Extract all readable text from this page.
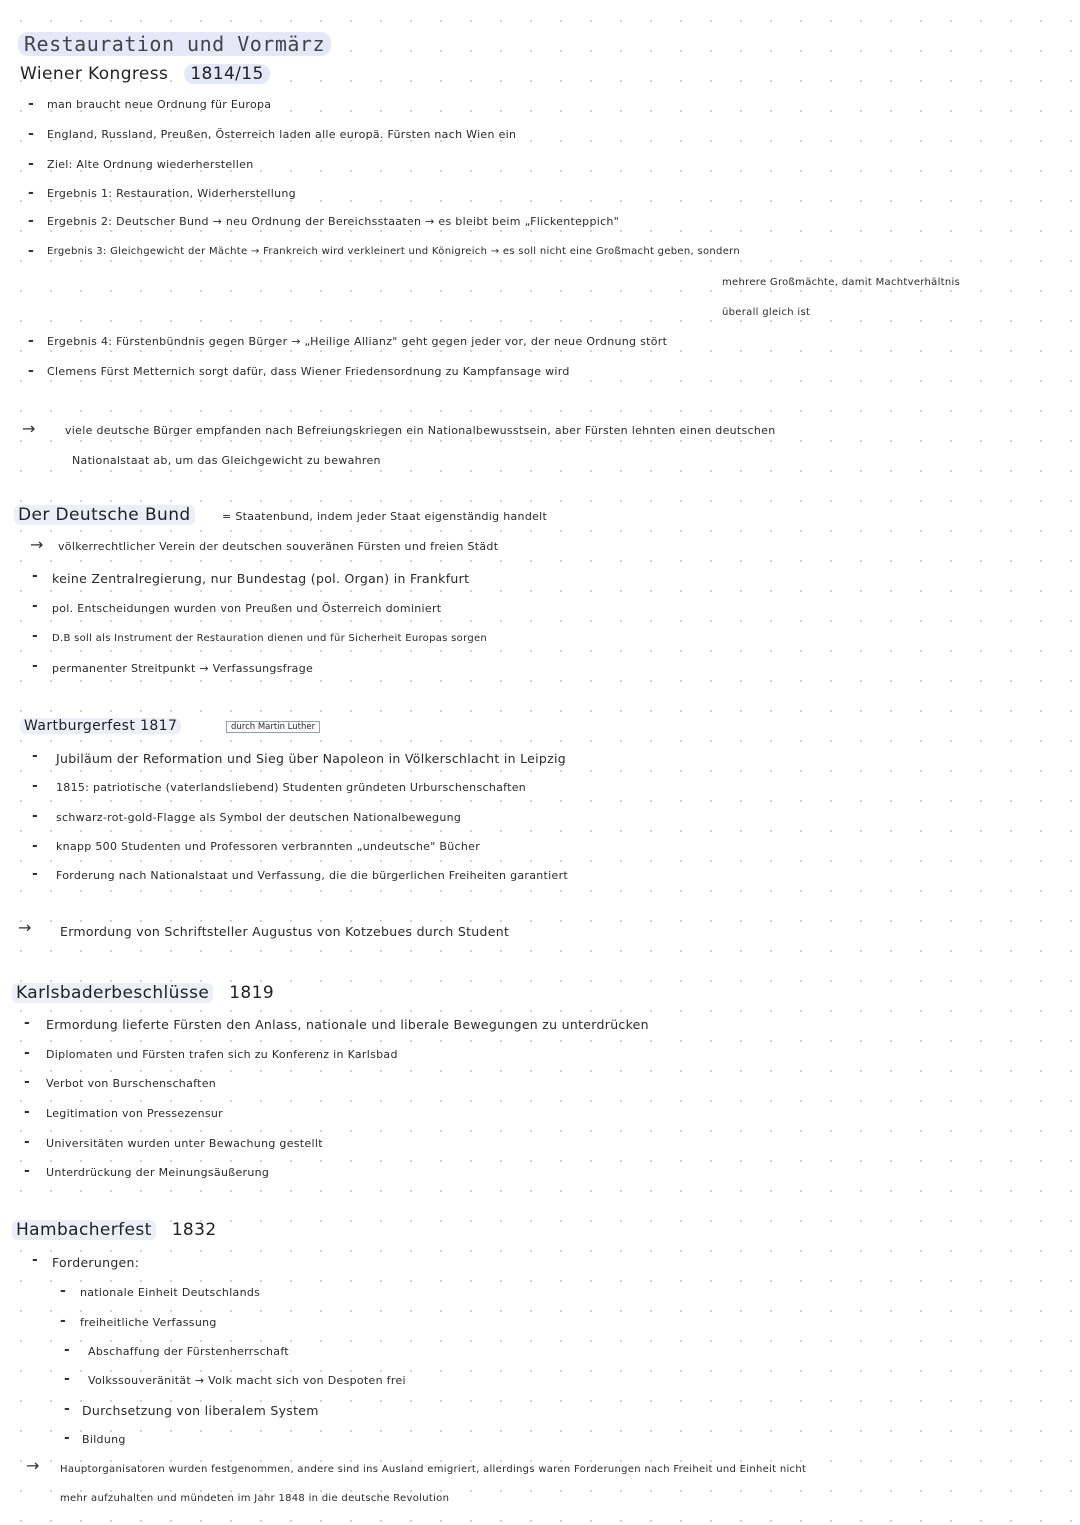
Restauration und Vormärz
Wiener Kongress 1814/15
- man braucht neue Ordnung für Europa
- England, Russland, Preußen, Österreich laden alle europä. Fürsten nach Wien ein
- Ziel: Alte Ordnung wiederherstellen
- Ergebnis 1: Restauration, Widerherstellung
- Ergebnis 2: Deutscher Bund → neu Ordnung der Bereichsstaaten → es bleibt beim „Flickenteppich"
- Ergebnis 3: Gleichgewicht der Mächte → Frankreich wird verkleinert und Königreich → es soll nicht eine Großmacht geben, sondern
mehrere Großmächte, damit Machtverhältnis
überall gleich ist
- Ergebnis 4: Fürstenbündnis gegen Bürger → „Heilige Allianz" geht gegen jeder vor, der neue Ordnung stört
- Clemens Fürst Metternich sorgt dafür, dass Wiener Friedensordnung zu Kampfansage wird
→	viele deutsche Bürger empfanden nach Befreiungskriegen ein Nationalbewusstsein, aber Fürsten lehnten einen deutschen
Nationalstaat ab, um das Gleichgewicht zu bewahren
Der Deutsche Bund	= Staatenbund, indem jeder Staat eigenständig handelt
→ völkerrechtlicher Verein der deutschen souveränen Fürsten und freien Städt
- keine Zentralregierung, nur Bundestag (pol. Organ) in Frankfurt
- pol. Entscheidungen wurden von Preußen und Österreich dominiert
- D.B soll als Instrument der Restauration dienen und für Sicherheit Europas sorgen
- permanenter Streitpunkt → Verfassungsfrage
Wartburgerfest 1817	durch Martin Luther
- Jubiläum der Reformation und Sieg über Napoleon in Völkerschlacht in Leipzig
- 1815: patriotische (vaterlandsliebend) Studenten gründeten Urburschenschaften
- schwarz-rot-gold-Flagge als Symbol der deutschen Nationalbewegung
- knapp 500 Studenten und Professoren verbrannten „undeutsche" Bücher
- Forderung nach Nationalstaat und Verfassung, die die bürgerlichen Freiheiten garantiert
→ Ermordung von Schriftsteller Augustus von Kotzebues durch Student
Karlsbaderbeschlüsse 1819
- Ermordung lieferte Fürsten den Anlass, nationale und liberale Bewegungen zu unterdrücken
- Diplomaten und Fürsten trafen sich zu Konferenz in Karlsbad
- Verbot von Burschenschaften
- Legitimation von Pressezensur
- Universitäten wurden unter Bewachung gestellt
- Unterdrückung der Meinungsäußerung
Hambacherfest 1832
- Forderungen:
- nationale Einheit Deutschlands
- freiheitliche Verfassung
- Abschaffung der Fürstenherrschaft
- Volkssouveränität → Volk macht sich von Despoten frei
- Durchsetzung von liberalem System
- Bildung
→ Hauptorganisatoren wurden festgenommen, andere sind ins Ausland emigriert, allerdings waren Forderungen nach Freiheit und Einheit nicht
mehr aufzuhalten und mündeten im Jahr 1848 in die deutsche Revolution
